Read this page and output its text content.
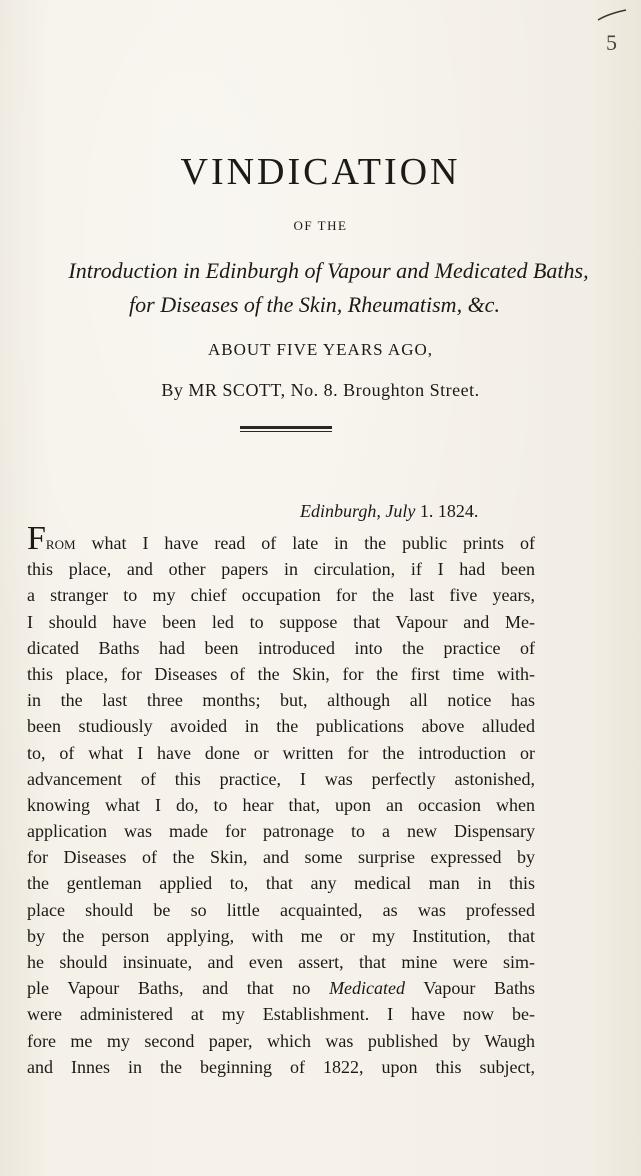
5
VINDICATION
OF THE
Introduction in Edinburgh of Vapour and Medicated Baths,
for Diseases of the Skin, Rheumatism, &c.
ABOUT FIVE YEARS AGO,
By MR SCOTT, No. 8. Broughton Street.
Edinburgh, July 1. 1824.
From what I have read of late in the public prints of
this place, and other papers in circulation, if I had been
a stranger to my chief occupation for the last five years,
I should have been led to suppose that Vapour and Me-
dicated Baths had been introduced into the practice of
this place, for Diseases of the Skin, for the first time with-
in the last three months; but, although all notice has
been studiously avoided in the publications above alluded
to, of what I have done or written for the introduction or
advancement of this practice, I was perfectly astonished,
knowing what I do, to hear that, upon an occasion when
application was made for patronage to a new Dispensary
for Diseases of the Skin, and some surprise expressed by
the gentleman applied to, that any medical man in this
place should be so little acquainted, as was professed
by the person applying, with me or my Institution, that
he should insinuate, and even assert, that mine were sim-
ple Vapour Baths, and that no Medicated Vapour Baths
were administered at my Establishment. I have now be-
fore me my second paper, which was published by Waugh
and Innes in the beginning of 1822, upon this subject,
